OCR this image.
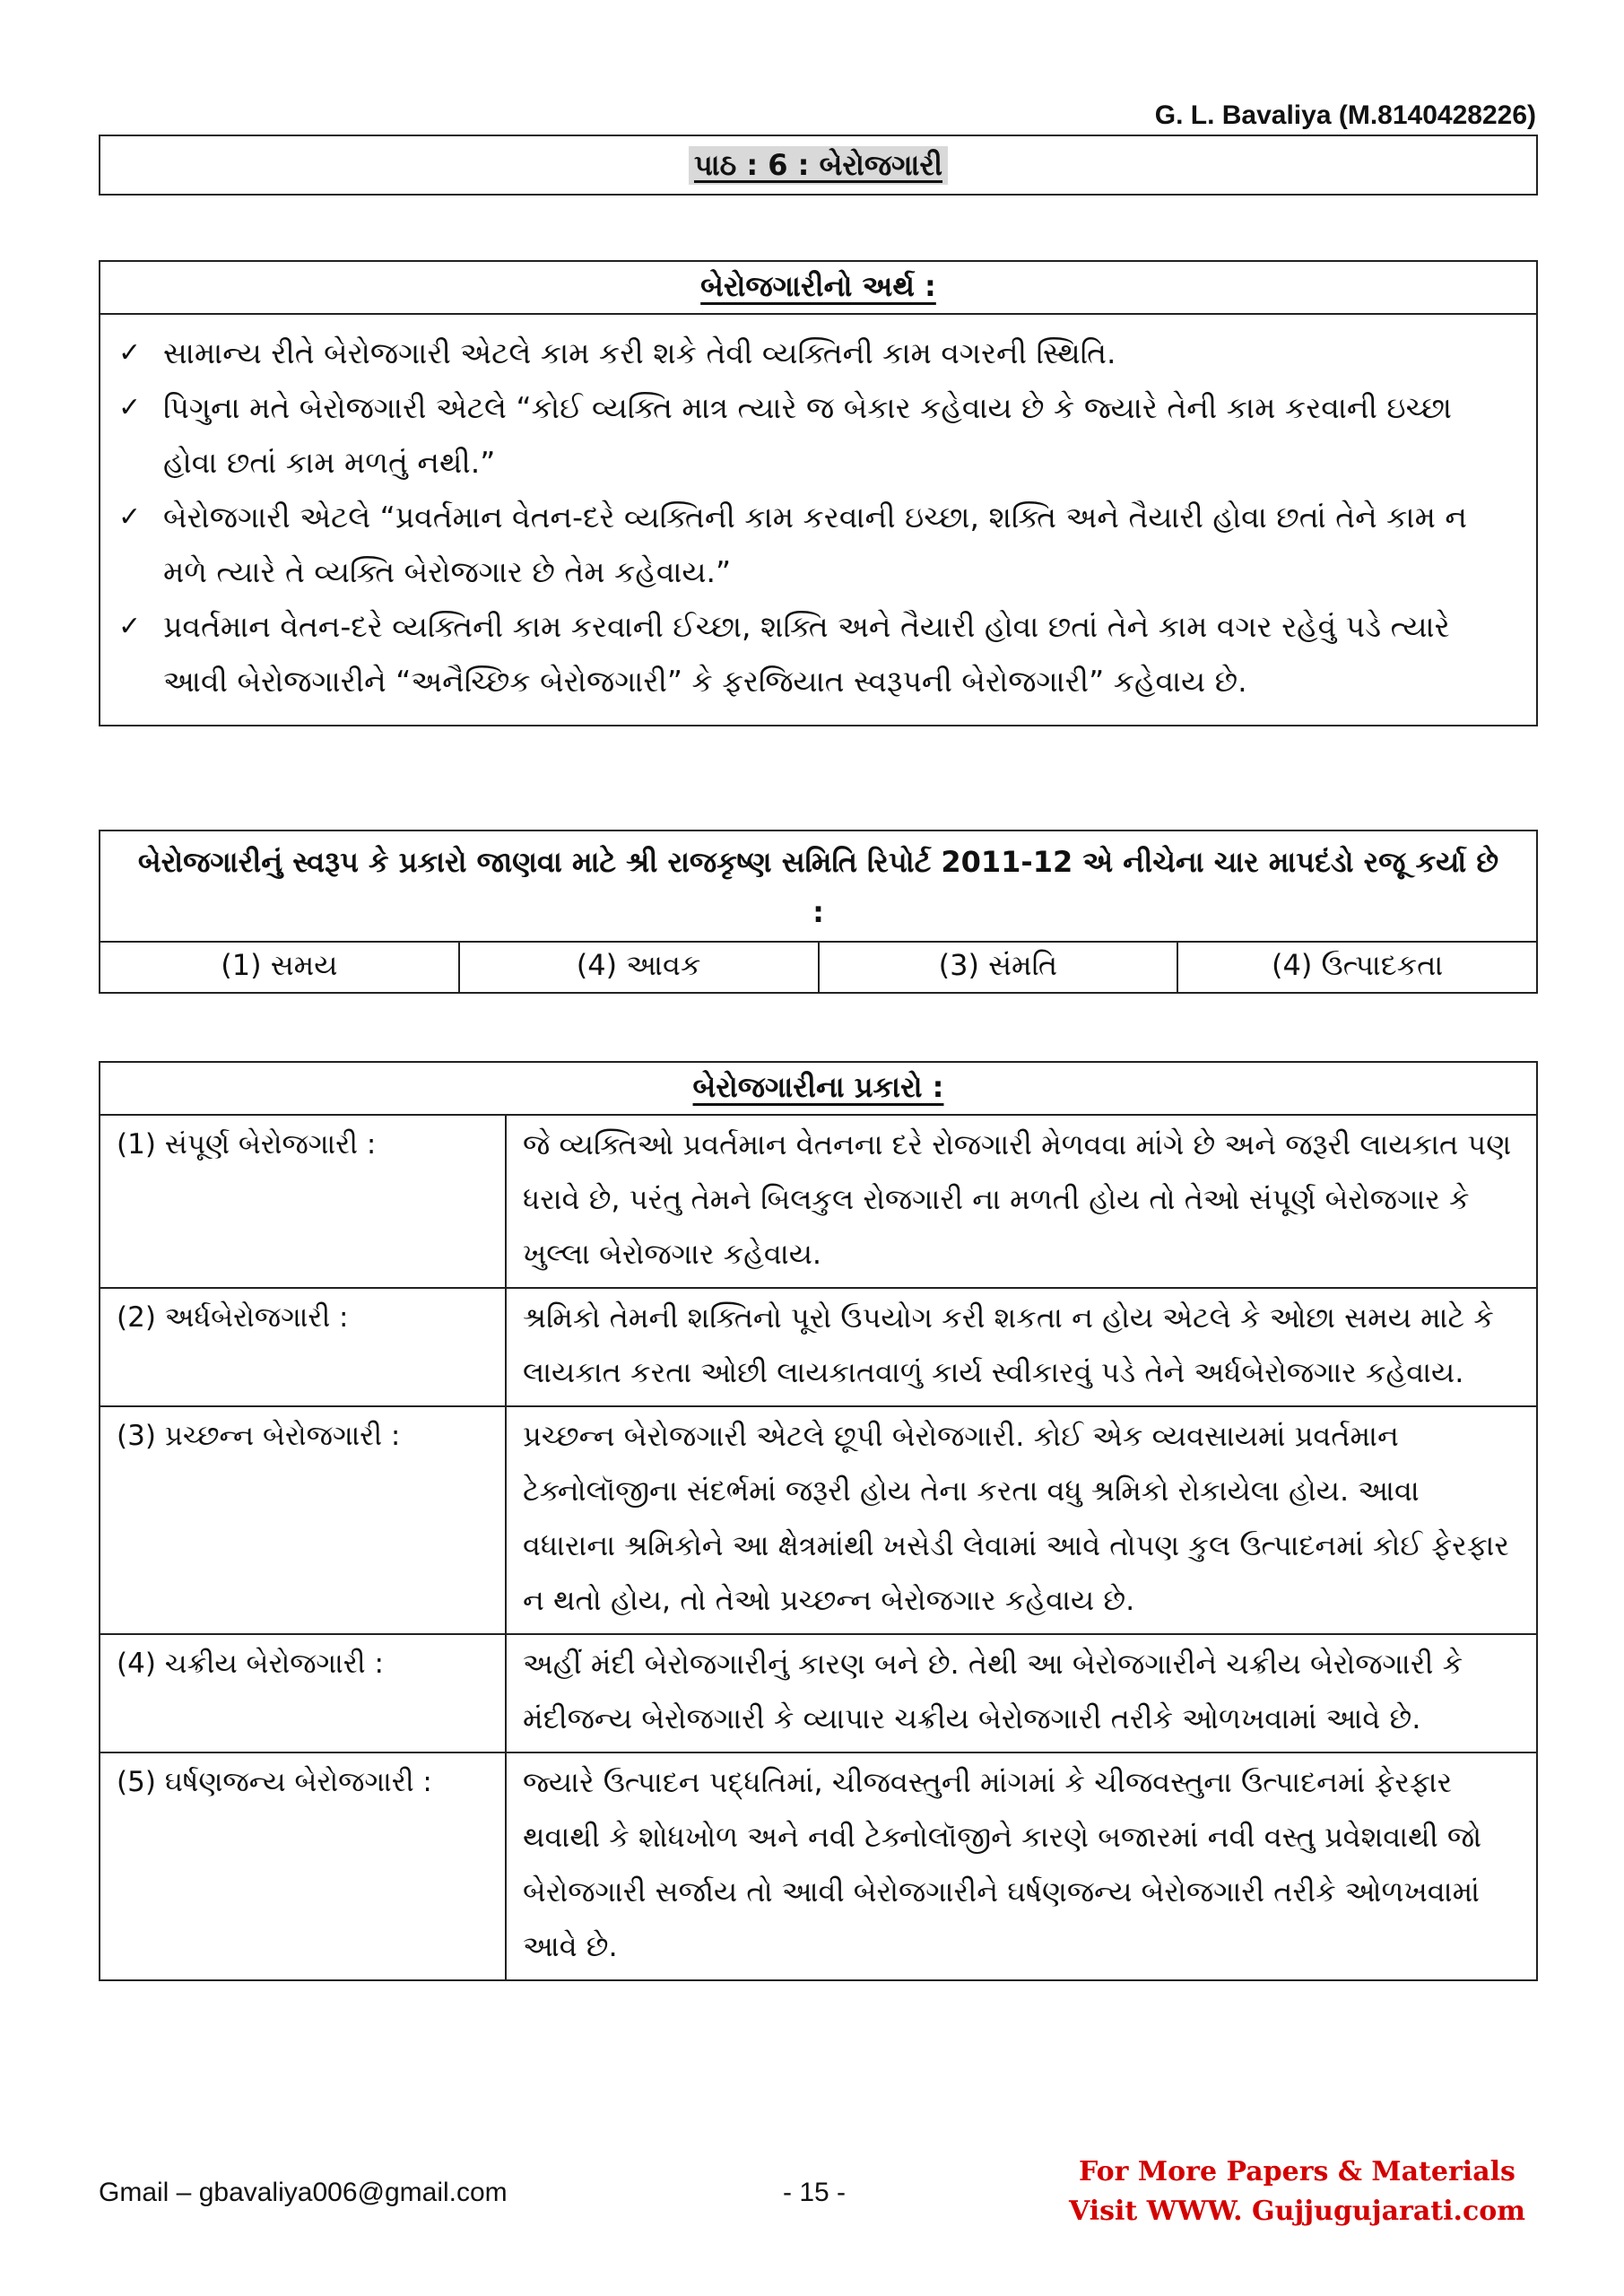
G. L. Bavaliya (M.8140428226)
પાઠ : 6 : બેરોજગારી
બેરોજગારીનો અર્થ :
✓ સામાન્ય રીતે બેરોજગારી એટલે કામ કરી શકે તેવી વ્યક્તિની કામ વગરની સ્થિતિ.
✓ પિગુના મતે બેરોજગારી એટલે “કોઈ વ્યક્તિ માત્ર ત્યારે જ બેકાર કહેવાય છે કે જ્યારે તેની કામ કરવાની ઇચ્છા હોવા છતાં કામ મળતું નથી.”
✓ બેરોજગારી એટલે “પ્રવર્તમાન વેતન-દરે વ્યક્તિની કામ કરવાની ઇચ્છા, શક્તિ અને તૈયારી હોવા છતાં તેને કામ ન મળે ત્યારે તે વ્યક્તિ બેરોજગાર છે તેમ કહેવાય.”
✓ પ્રવર્તમાન વેતન-દરે વ્યક્તિની કામ કરવાની ઈચ્છા, શક્તિ અને તૈયારી હોવા છતાં તેને કામ વગર રહેવું પડે ત્યારે આવી બેરોજગારીને “અનૈચ્છિક બેરોજગારી” કે ફરજિયાત સ્વરૂપની બેરોજગારી” કહેવાય છે.
બેરોજગારીનું સ્વરૂપ કે પ્રકારો જાણવા માટે શ્રી રાજકૃષ્ણ સમિતિ રિપોર્ટ 2011-12 એ નીચેના ચાર માપદંડો રજૂ કર્યા છે :
(1) સમય	(4) આવક	(3) સંમતિ	(4) ઉત્પાદકતા
બેરોજગારીના પ્રકારો :
(1) સંપૂર્ણ બેરોજગારી :	જે વ્યક્તિઓ પ્રવર્તમાન વેતનના દરે રોજગારી મેળવવા માંગે છે અને જરૂરી લાયકાત પણ ધરાવે છે, પરંતુ તેમને બિલકુલ રોજગારી ના મળતી હોય તો તેઓ સંપૂર્ણ બેરોજગાર કે ખુલ્લા બેરોજગાર કહેવાય.
(2) અર્ધબેરોજગારી :	શ્રમિકો તેમની શક્તિનો પૂરો ઉપયોગ કરી શકતા ન હોય એટલે કે ઓછા સમય માટે કે લાયકાત કરતા ઓછી લાયકાતવાળું કાર્ય સ્વીકારવું પડે તેને અર્ધબેરોજગાર કહેવાય.
(3) પ્રચ્છન્ન બેરોજગારી :	પ્રચ્છન્ન બેરોજગારી એટલે છૂપી બેરોજગારી. કોઈ એક વ્યવસાયમાં પ્રવર્તમાન ટેક્નોલૉજીના સંદર્ભમાં જરૂરી હોય તેના કરતા વધુ શ્રમિકો રોકાયેલા હોય. આવા વધારાના શ્રમિકોને આ ક્ષેત્રમાંથી ખસેડી લેવામાં આવે તોપણ કુલ ઉત્પાદનમાં કોઈ ફેરફાર ન થતો હોય, તો તેઓ પ્રચ્છન્ન બેરોજગાર કહેવાય છે.
(4) ચક્રીય બેરોજગારી :	અહીં મંદી બેરોજગારીનું કારણ બને છે. તેથી આ બેરોજગારીને ચક્રીય બેરોજગારી કે મંદીજન્ય બેરોજગારી કે વ્યાપાર ચક્રીય બેરોજગારી તરીકે ઓળખવામાં આવે છે.
(5) ઘર્ષણજન્ય બેરોજગારી :	જ્યારે ઉત્પાદન પદ્ધતિમાં, ચીજવસ્તુની માંગમાં કે ચીજવસ્તુના ઉત્પાદનમાં ફેરફાર થવાથી કે શોધખોળ અને નવી ટેક્નોલૉજીને કારણે બજારમાં નવી વસ્તુ પ્રવેશવાથી જો બેરોજગારી સર્જાય તો આવી બેરોજગારીને ઘર્ષણજન્ય બેરોજગારી તરીકે ઓળખવામાં આવે છે.
Gmail – gbavaliya006@gmail.com	- 15 -
For More Papers & Materials
Visit WWW. Gujjugujarati.com
